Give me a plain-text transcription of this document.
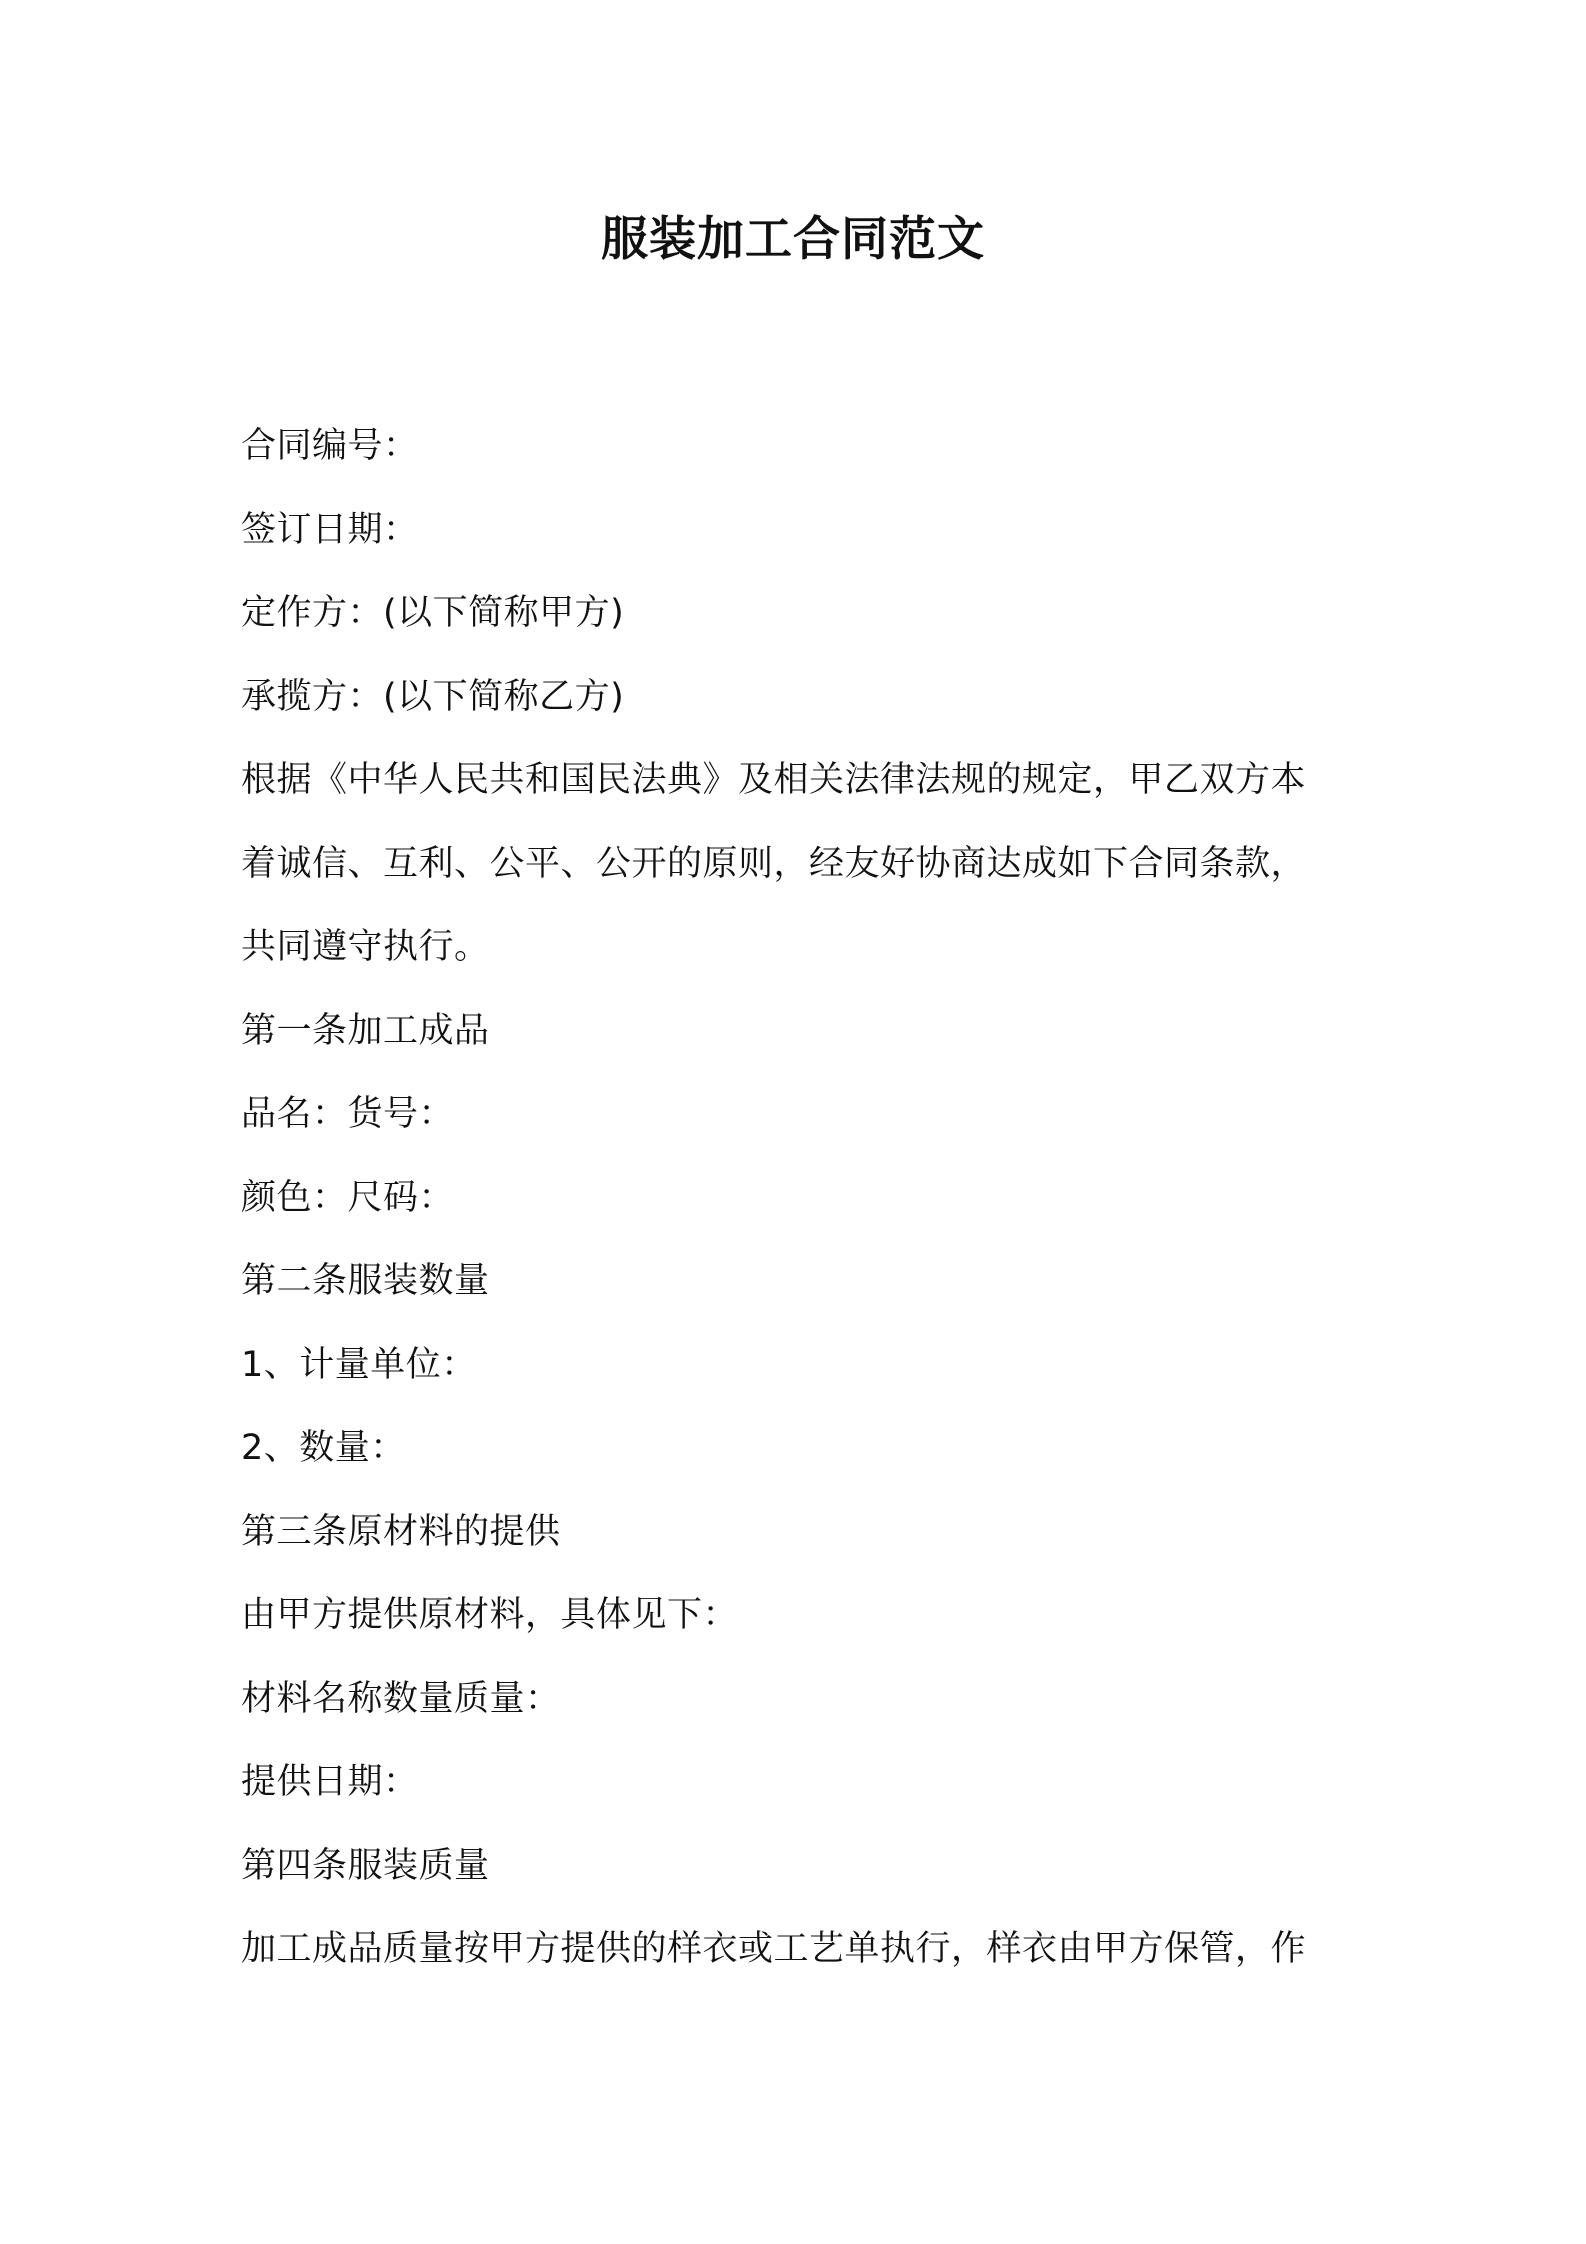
服装加工合同范文
合同编号：
签订日期：
定作方：(以下简称甲方)
承揽方：(以下简称乙方)
根据《中华人民共和国民法典》及相关法律法规的规定，甲乙双方本
着诚信、互利、公平、公开的原则，经友好协商达成如下合同条款，
共同遵守执行。
第一条加工成品
品名：货号：
颜色：尺码：
第二条服装数量
1、计量单位：
2、数量：
第三条原材料的提供
由甲方提供原材料，具体见下：
材料名称数量质量：
提供日期：
第四条服装质量
加工成品质量按甲方提供的样衣或工艺单执行，样衣由甲方保管，作
